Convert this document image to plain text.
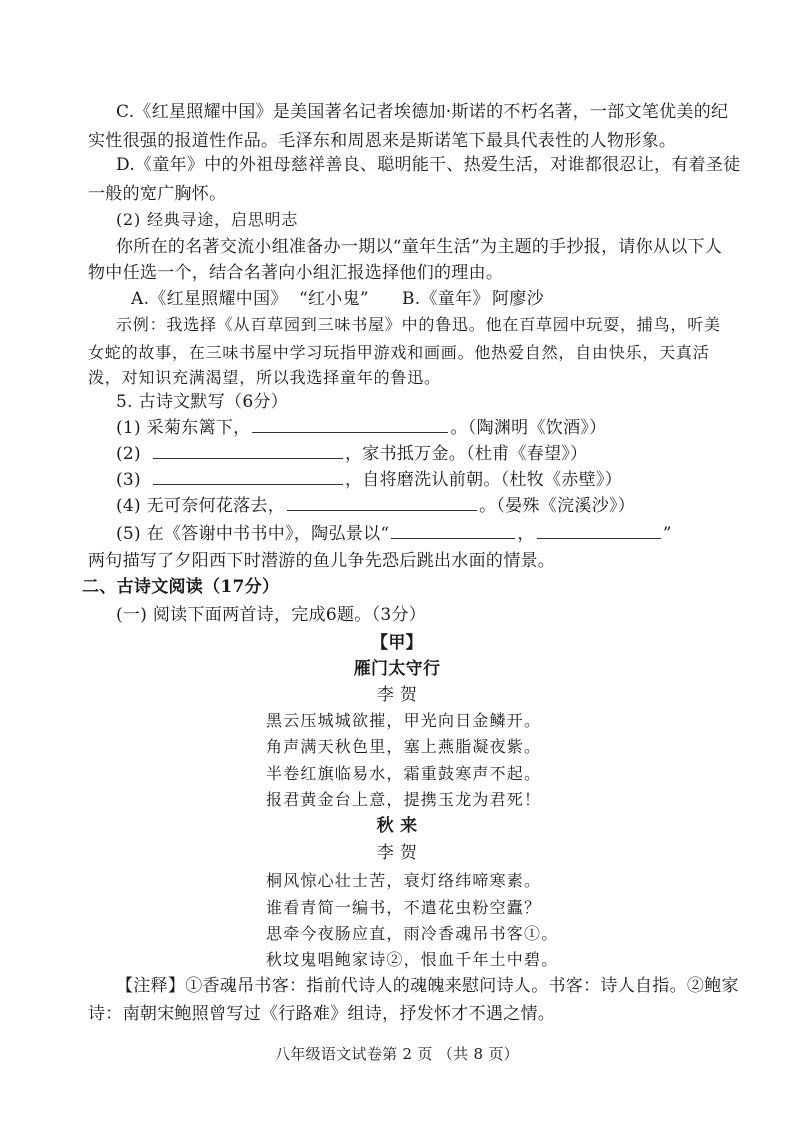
C.《红星照耀中国》是美国著名记者埃德加·斯诺的不朽名著，一部文笔优美的纪
实性很强的报道性作品。毛泽东和周恩来是斯诺笔下最具代表性的人物形象。
D.《童年》中的外祖母慈祥善良、聪明能干、热爱生活，对谁都很忍让，有着圣徒
一般的宽广胸怀。
(2) 经典寻途，启思明志
你所在的名著交流小组准备办一期以“童年生活”为主题的手抄报，请你从以下人
物中任选一个，结合名著向小组汇报选择他们的理由。
A.《红星照耀中国》 “红小鬼” B.《童年》 阿廖沙
示例：我选择《从百草园到三味书屋》中的鲁迅。他在百草园中玩耍，捕鸟，听美
女蛇的故事，在三味书屋中学习玩指甲游戏和画画。他热爱自然，自由快乐，天真活
泼，对知识充满渴望，所以我选择童年的鲁迅。
5. 古诗文默写（6分）
(1) 采菊东篱下，	。（陶渊明《饮酒》）
(2)	，家书抵万金。（杜甫《春望》）
(3)	，自将磨洗认前朝。（杜牧《赤壁》）
(4) 无可奈何花落去，	。（晏殊《浣溪沙》）
(5) 在《答谢中书书中》，陶弘景以“	，	”
两句描写了夕阳西下时潜游的鱼儿争先恐后跳出水面的情景。
二、古诗文阅读（17分）
(一) 阅读下面两首诗，完成6题。（3分）
【甲】
雁门太守行
李 贺
黑云压城城欲摧，甲光向日金鳞开。
角声满天秋色里，塞上燕脂凝夜紫。
半卷红旗临易水，霜重鼓寒声不起。
报君黄金台上意，提携玉龙为君死！
秋 来
李 贺
桐风惊心壮士苦，衰灯络纬啼寒素。
谁看青简一编书，不遣花虫粉空蠹？
思牵今夜肠应直，雨冷香魂吊书客①。
秋坟鬼唱鲍家诗②，恨血千年土中碧。
【注释】①香魂吊书客：指前代诗人的魂魄来慰问诗人。书客：诗人自指。②鲍家
诗：南朝宋鲍照曾写过《行路难》组诗，抒发怀才不遇之情。
八年级语文试卷第 2 页 （共 8 页）
